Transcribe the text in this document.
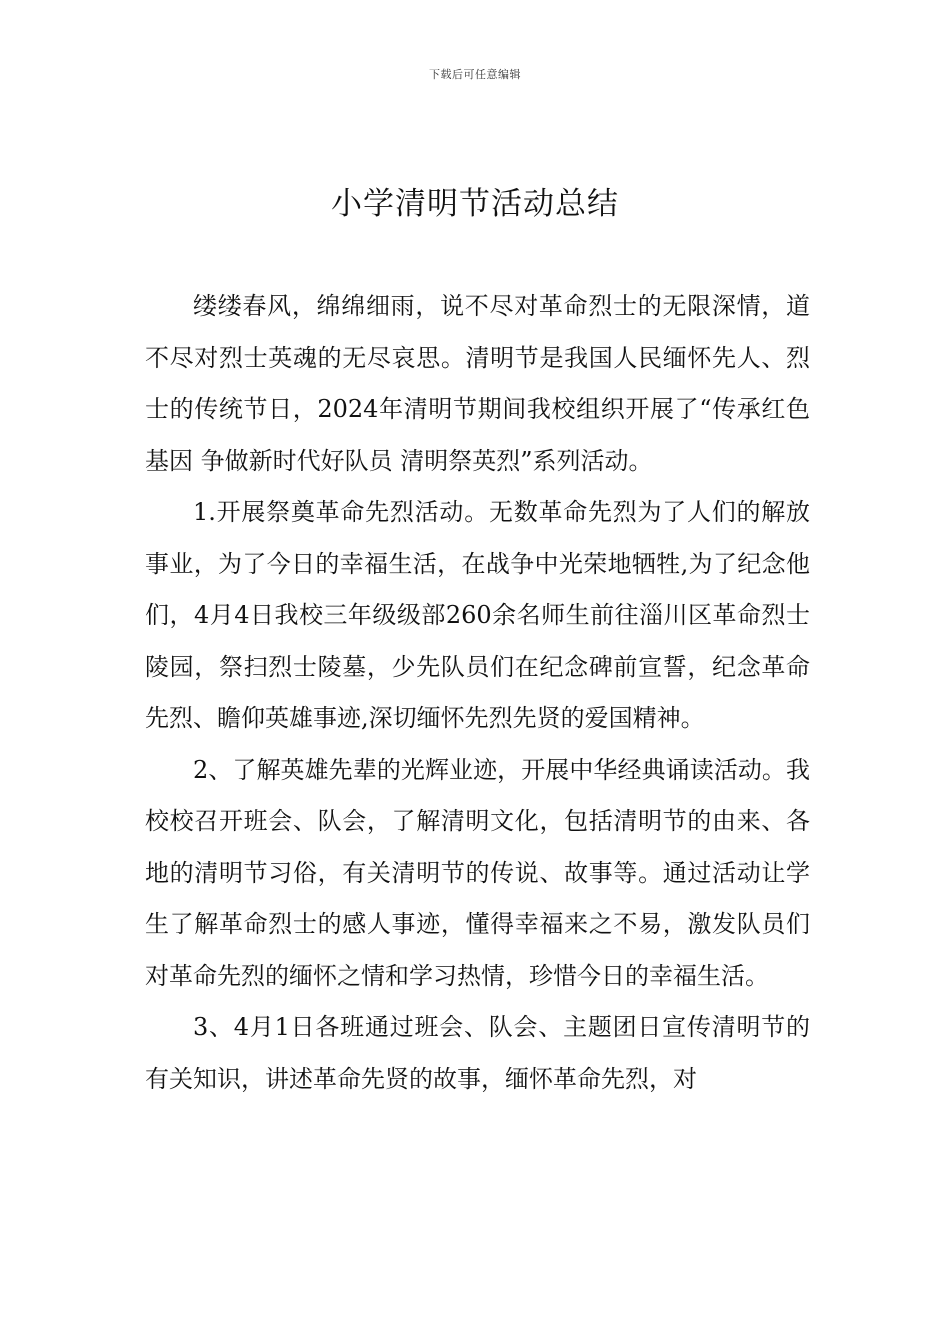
下载后可任意编辑
小学清明节活动总结

缕缕春风，绵绵细雨，说不尽对革命烈士的无限深情，道不尽对烈士英魂的无尽哀思。清明节是我国人民缅怀先人、烈士的传统节日，2024年清明节期间我校组织开展了“传承红色基因 争做新时代好队员 清明祭英烈”系列活动。

1.开展祭奠革命先烈活动。无数革命先烈为了人们的解放事业，为了今日的幸福生活，在战争中光荣地牺牲,为了纪念他们，4月4日我校三年级级部260余名师生前往淄川区革命烈士陵园，祭扫烈士陵墓，少先队员们在纪念碑前宣誓，纪念革命先烈、瞻仰英雄事迹,深切缅怀先烈先贤的爱国精神。

2、了解英雄先辈的光辉业迹，开展中华经典诵读活动。我校校召开班会、队会，了解清明文化，包括清明节的由来、各地的清明节习俗，有关清明节的传说、故事等。通过活动让学生了解革命烈士的感人事迹，懂得幸福来之不易，激发队员们对革命先烈的缅怀之情和学习热情，珍惜今日的幸福生活。

3、4月1日各班通过班会、队会、主题团日宣传清明节的有关知识，讲述革命先贤的故事，缅怀革命先烈，对
